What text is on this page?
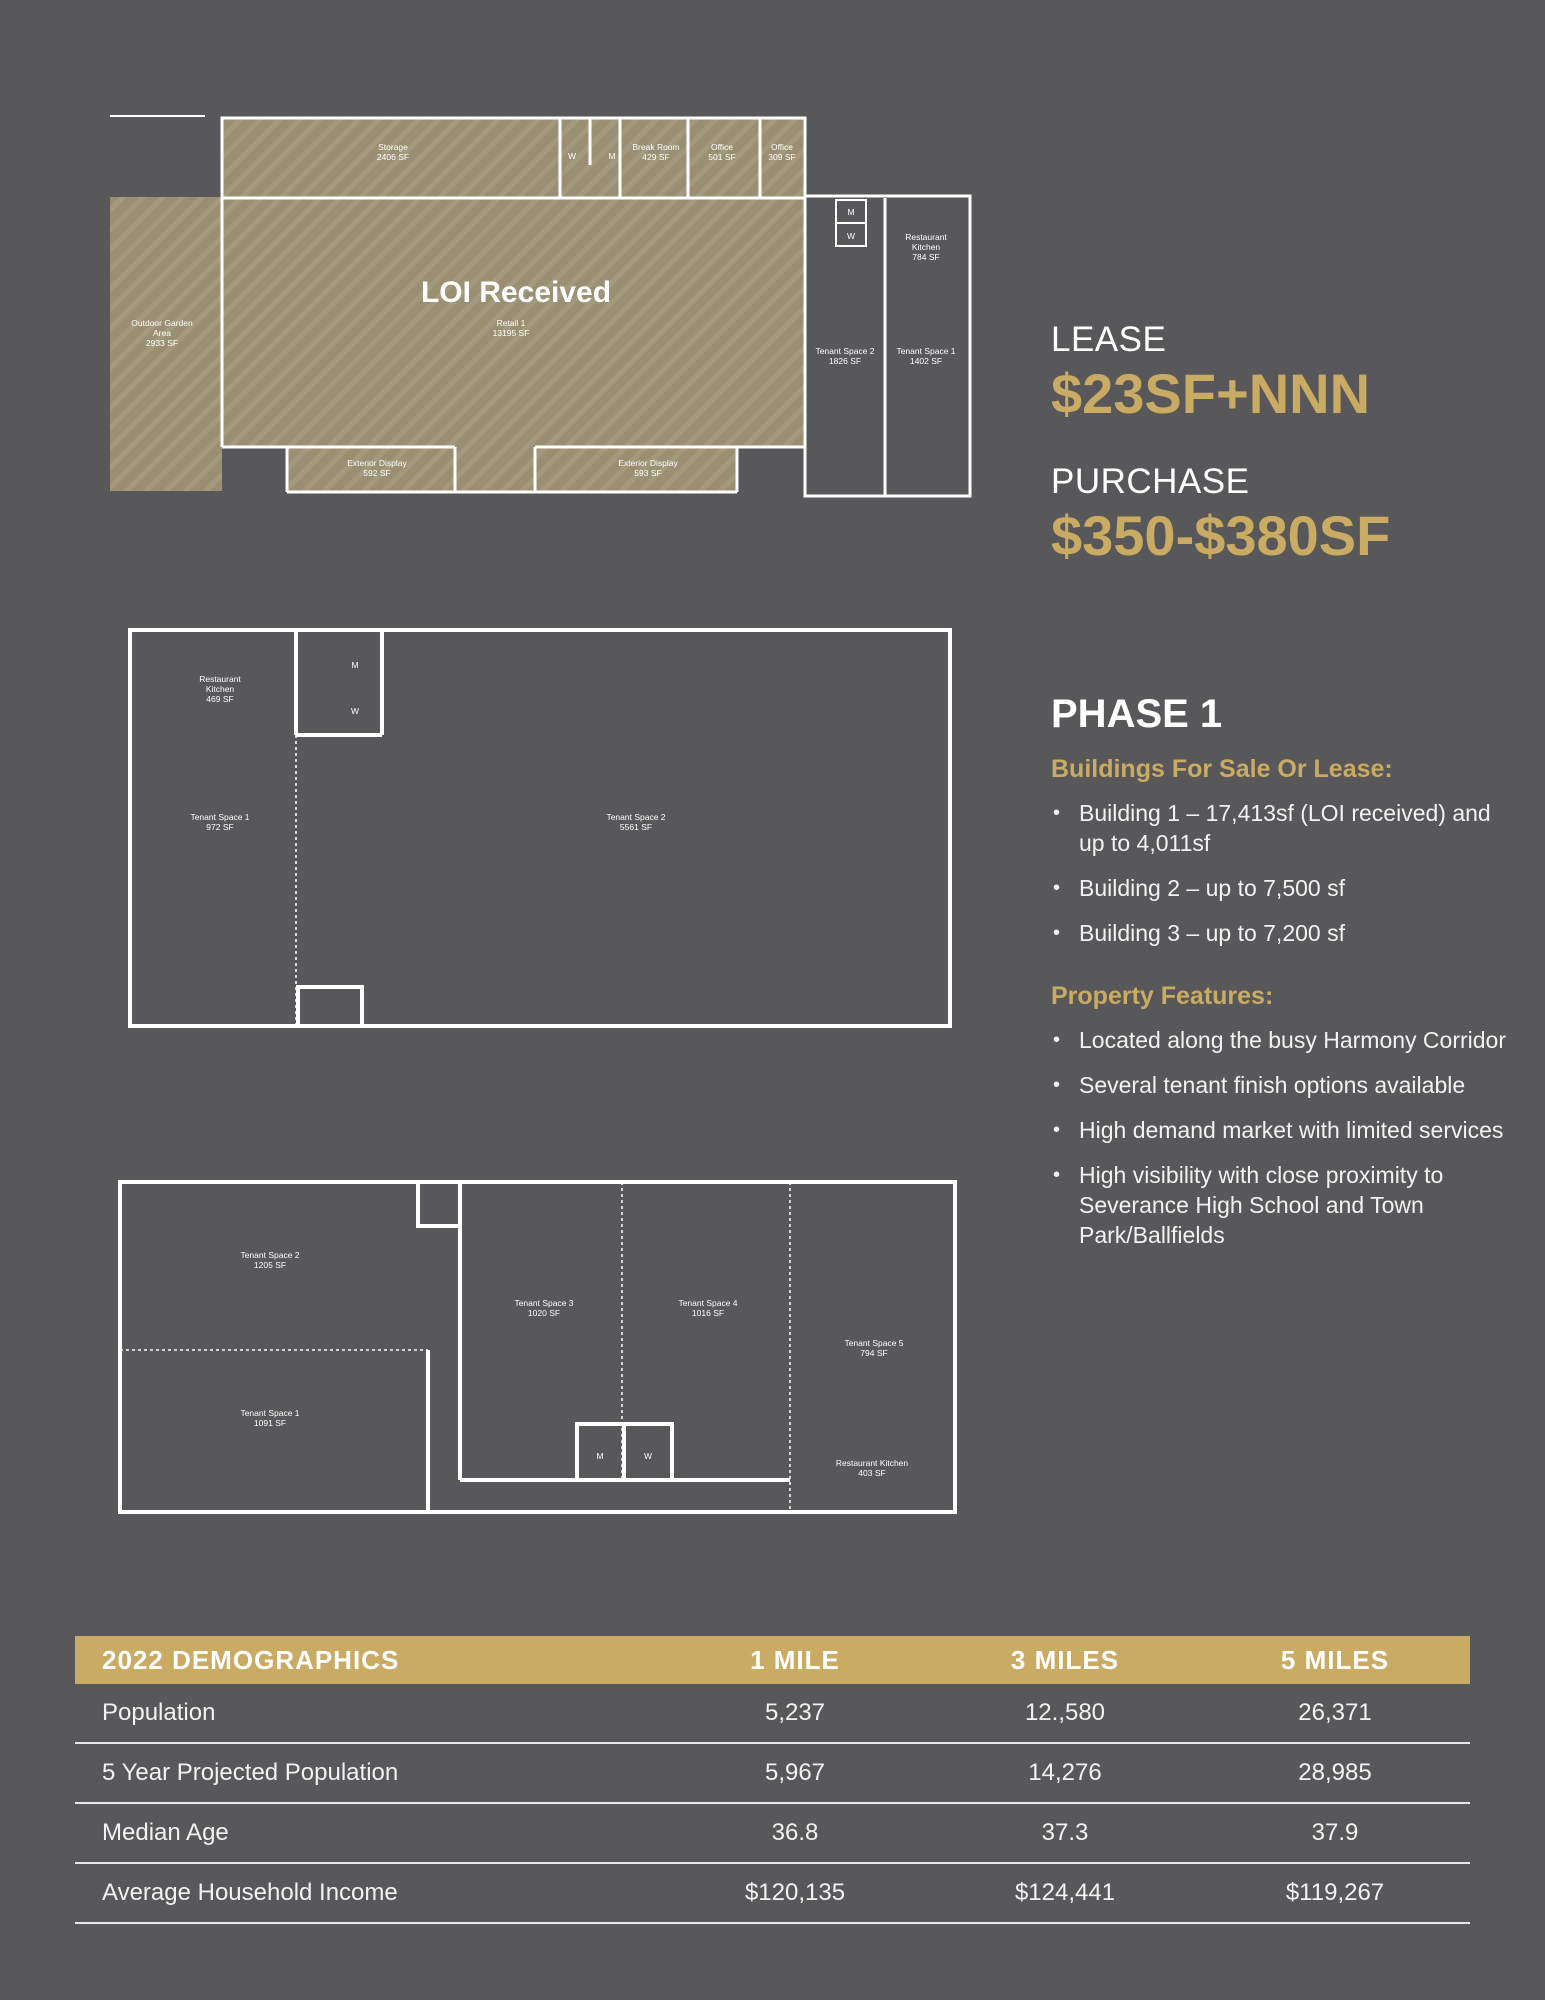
LOI Received
Storage 2406 SF
Break Room 429 SF
Office 501 SF
Office 309 SF
Outdoor Garden Area 2933 SF
Retail 1 13195 SF
Restaurant Kitchen 784 SF
Tenant Space 2 1826 SF
Tenant Space 1 1402 SF
Exterior Display 592 SF
Exterior Display 593 SF
W	M
M
W
Restaurant Kitchen 469 SF
Tenant Space 1 972 SF
Tenant Space 2 5561 SF
M
W
Tenant Space 2 1205 SF
Tenant Space 1 1091 SF
Tenant Space 3 1020 SF
Tenant Space 4 1016 SF
Tenant Space 5 794 SF
Restaurant Kitchen 403 SF
M	W
LEASE
$23SF+NNN
PURCHASE
$350-$380SF
PHASE 1
Buildings For Sale Or Lease:
• Building 1 – 17,413sf (LOI received) and up to 4,011sf
• Building 2 – up to 7,500 sf
• Building 3 – up to 7,200 sf
Property Features:
• Located along the busy Harmony Corridor
• Several tenant finish options available
• High demand market with limited services
• High visibility with close proximity to Severance High School and Town Park/Ballfields
2022 DEMOGRAPHICS	1 MILE	3 MILES	5 MILES
Population	5,237	12.,580	26,371
5 Year Projected Population	5,967	14,276	28,985
Median Age	36.8	37.3	37.9
Average Household Income	$120,135	$124,441	$119,267
